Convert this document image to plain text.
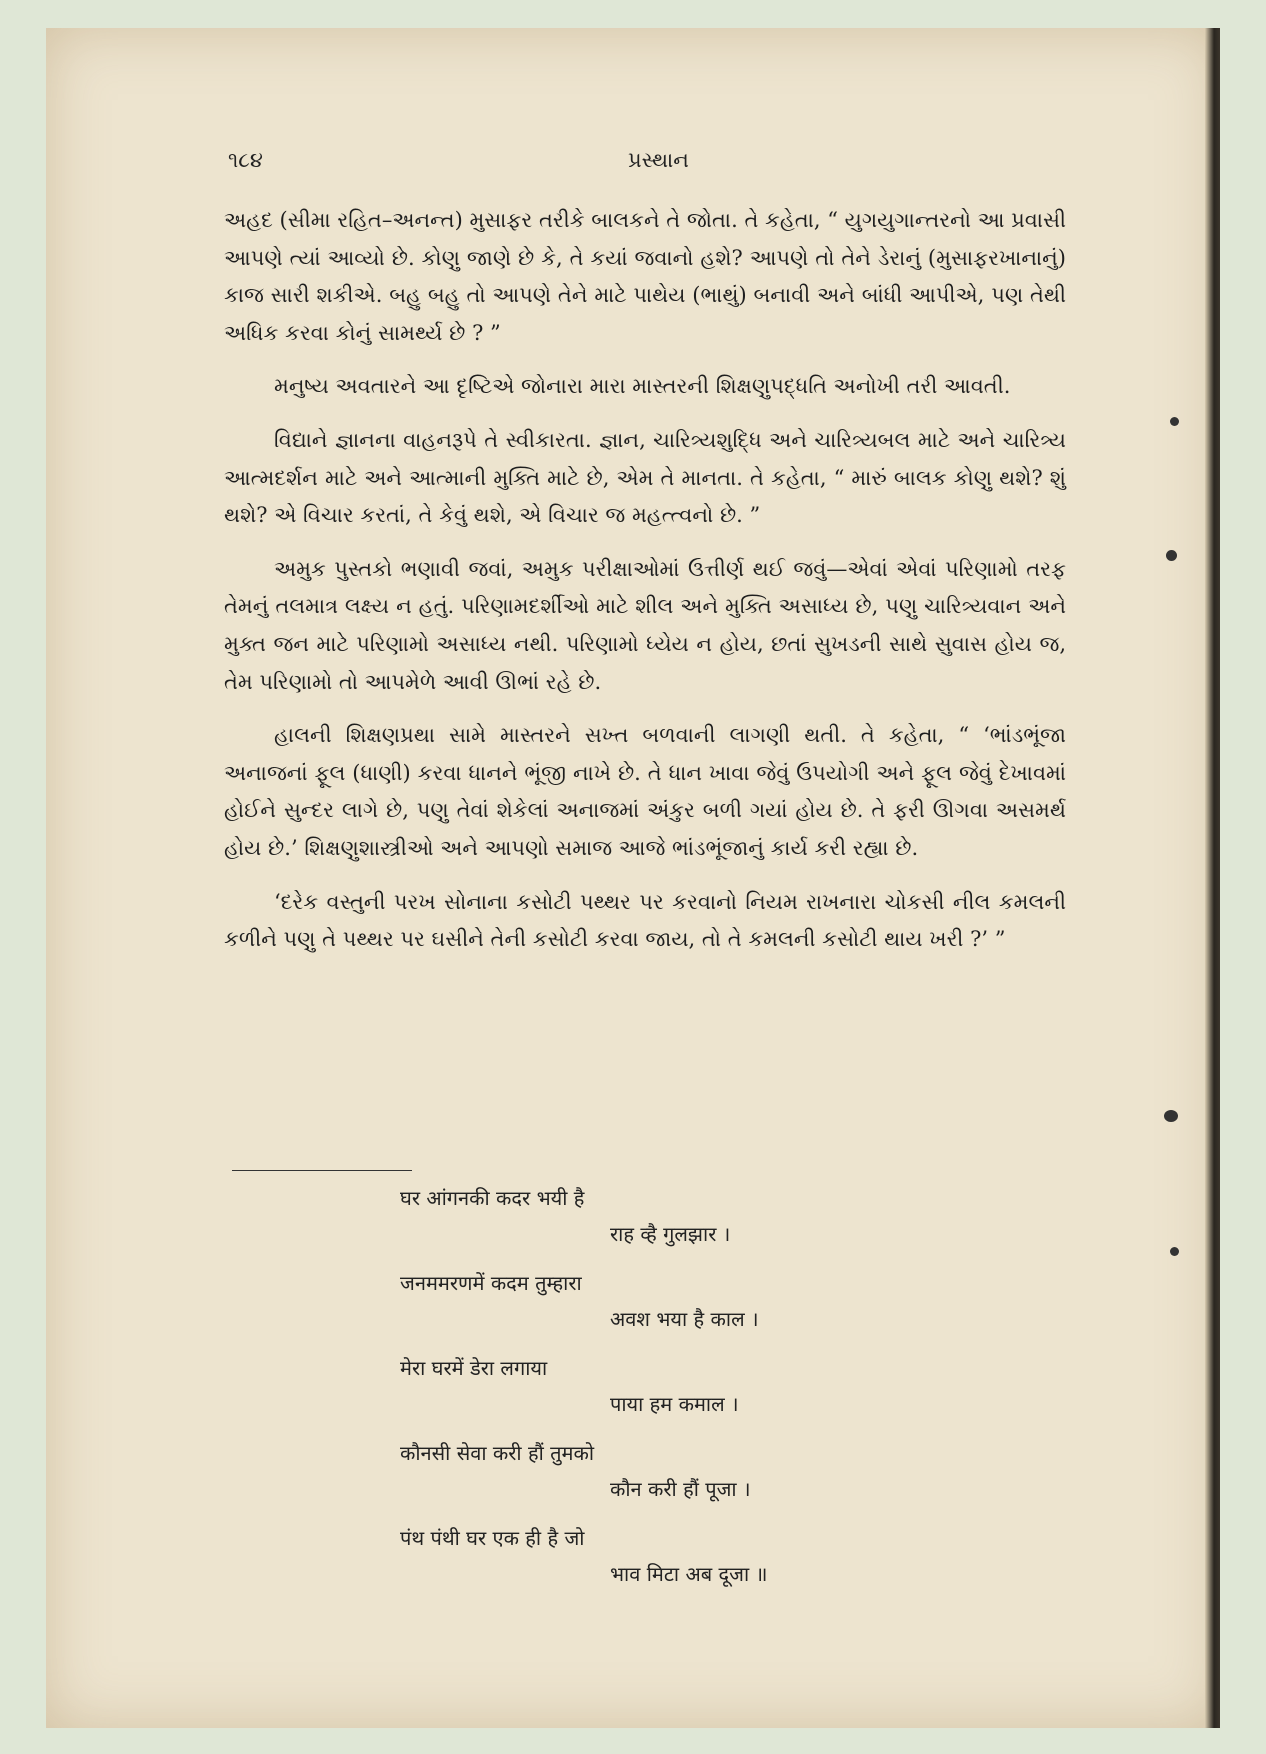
૧૮૪	પ્રસ્થાન

અહદ (સીમા રહિત–અનન્ત) મુસાફર તરીકે બાલકને તે જોતા. તે કહેતા, “ યુગયુગાન્તરનો આ પ્રવાસી આપણે ત્યાં આવ્યો છે. કોણુ જાણે છે કે, તે કયાં જવાનો હશે? આપણે તો તેને ડેરાનું (મુસાફરખાનાનું) કાજ સારી શકીએ. બહુ બહુ તો આપણે તેને માટે પાથેય (ભાથું) બનાવી અને બાંધી આપીએ, પણ તેથી અધિક કરવા કોનું સામર્થ્ય છે ? ”

મનુષ્ય અવતારને આ દૃષ્ટિએ જોનારા મારા માસ્તરની શિક્ષણુપદ્ધતિ અનોખી તરી આવતી.

વિદ્યાને જ્ઞાનના વાહનરૂપે તે સ્વીકારતા. જ્ઞાન, ચારિત્ર્યશુદ્ધિ અને ચારિત્ર્યબલ માટે અને ચારિત્ર્ય આત્મદર્શન માટે અને આત્માની મુક્તિ માટે છે, એમ તે માનતા. તે કહેતા, “ મારું બાલક કોણુ થશે? શું થશે? એ વિચાર કરતાં, તે કેવું થશે, એ વિચાર જ મહત્ત્વનો છે. ”

અમુક પુસ્તકો ભણાવી જવાં, અમુક પરીક્ષાઓમાં ઉત્તીર્ણ થઈ જવું—એવાં એવાં પરિણામો તરફ તેમનું તલમાત્ર લક્ષ્ય ન હતું. પરિણામદર્શીઓ માટે શીલ અને મુક્તિ અસાધ્ય છે, પણુ ચારિત્ર્યવાન અને મુક્ત જન માટે પરિણામો અસાધ્ય નથી. પરિણામો ધ્યેય ન હોય, છતાં સુખડની સાથે સુવાસ હોય જ, તેમ પરિણામો તો આપમેળે આવી ઊભાં રહે છે.

હાલની શિક્ષણપ્રથા સામે માસ્તરને સખ્ત બળવાની લાગણી થતી. તે કહેતા, “ ‘ભાંડભૂંજા અનાજનાં ફૂલ (ધાણી) કરવા ધાનને ભૂંજી નાખે છે. તે ધાન ખાવા જેવું ઉપયોગી અને ફૂલ જેવું દેખાવમાં હોઈને સુન્દર લાગે છે, પણુ તેવાં શેકેલાં અનાજમાં અંકુર બળી ગયાં હોય છે. તે ફરી ઊગવા અસમર્થ હોય છે.’ શિક્ષણુશાસ્ત્રીઓ અને આપણો સમાજ આજે ભાંડભૂંજાનું કાર્ય કરી રહ્યા છે.

‘દરેક વસ્તુની પરખ સોનાના કસોટી પથ્થર પર કરવાનો નિયમ રાખનારા ચોકસી નીલ કમલની કળીને પણુ તે પથ્થર પર ઘસીને તેની કસોટી કરવા જાય, તો તે કમલની કસોટી થાય ખરી ?’ ”

घर आंगनकी कदर भयी है
राह व्है गुलझार ।
जनममरणमें कदम तुम्हारा
अवश भया है काल ।
मेरा घरमें डेरा लगाया
पाया हम कमाल ।
कौनसी सेवा करी हौं तुमको
कौन करी हौं पूजा ।
पंथ पंथी घर एक ही है जो
भाव मिटा अब दूजा ॥
